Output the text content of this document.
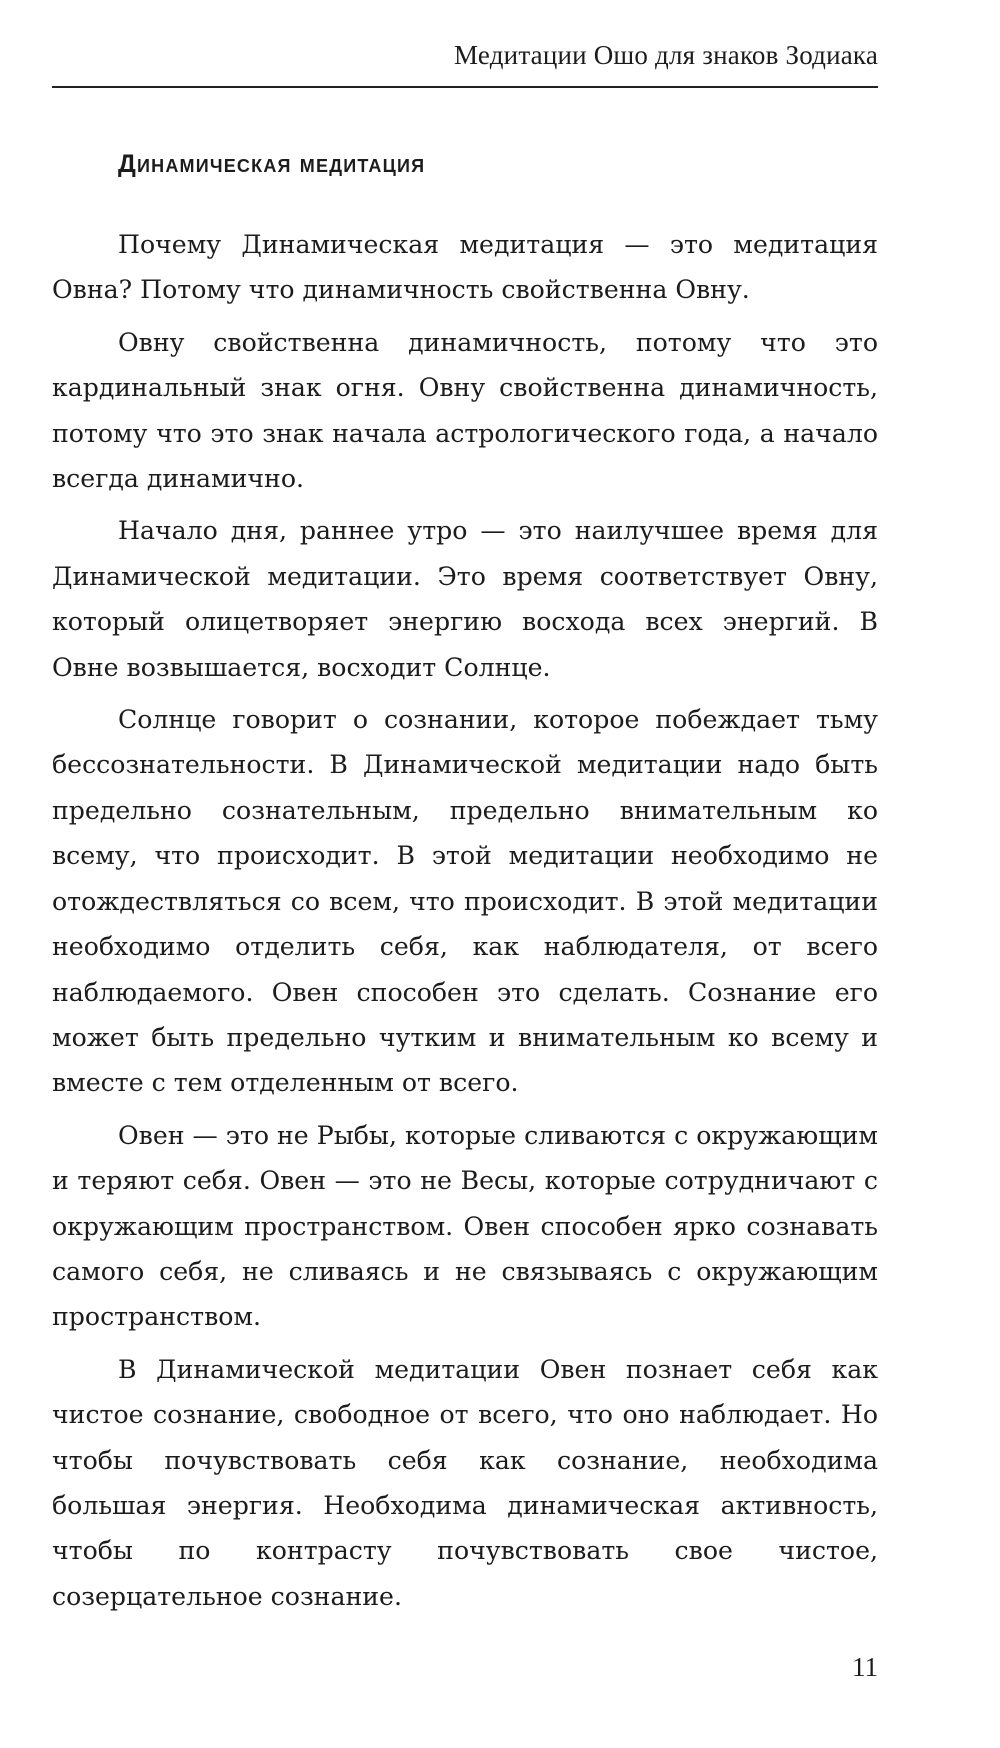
Медитации Ошо для знаков Зодиака
Динамическая медитация

Почему Динамическая медитация — это медитация Овна? Потому что динамичность свойственна Овну.

Овну свойственна динамичность, потому что это кардинальный знак огня. Овну свойственна динамичность, потому что это знак начала астрологического года, а начало всегда динамично.

Начало дня, раннее утро — это наилучшее время для Динамической медитации. Это время соответствует Овну, который олицетворяет энергию восхода всех энергий. В Овне возвышается, восходит Солнце.

Солнце говорит о сознании, которое побеждает тьму бессознательности. В Динамической медитации надо быть предельно сознательным, предельно внимательным ко всему, что происходит. В этой медитации необходимо не отождествляться со всем, что происходит. В этой медитации необходимо отделить себя, как наблюдателя, от всего наблюдаемого. Овен способен это сделать. Сознание его может быть предельно чутким и внимательным ко всему и вместе с тем отделенным от всего.

Овен — это не Рыбы, которые сливаются с окружающим и теряют себя. Овен — это не Весы, которые сотрудничают с окружающим пространством. Овен способен ярко сознавать самого себя, не сливаясь и не связываясь с окружающим пространством.

В Динамической медитации Овен познает себя как чистое сознание, свободное от всего, что оно наблюдает. Но чтобы почувствовать себя как сознание, необходима большая энергия. Необходима динамическая активность, чтобы по контрасту почувствовать свое чистое, созерцательное сознание.

11
